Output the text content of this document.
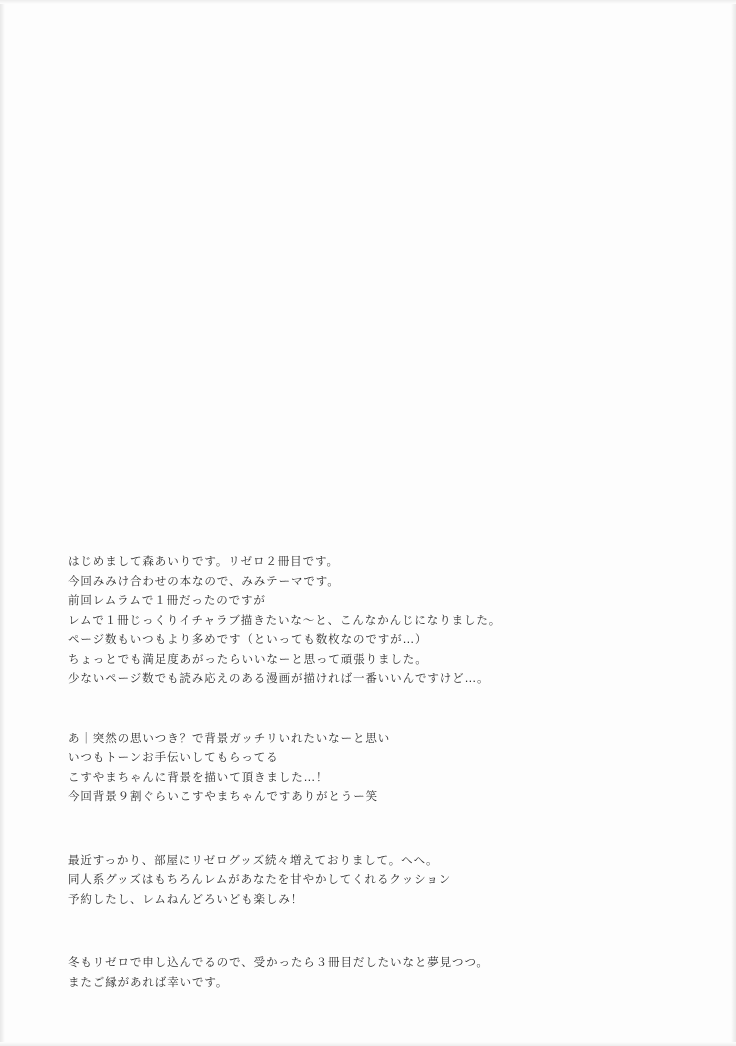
はじめまして森あいりです。リゼロ２冊目です。
今回みみけ合わせの本なので、みみテーマです。
前回レムラムで１冊だったのですが
レムで１冊じっくりイチャラブ描きたいな～と、こんなかんじになりました。
ページ数もいつもより多めです（といっても数枚なのですが…）
ちょっとでも満足度あがったらいいなーと思って頑張りました。
少ないページ数でも読み応えのある漫画が描ければ一番いいんですけど…。
あ｜突然の思いつき？で背景ガッチリいれたいなーと思い
いつもトーンお手伝いしてもらってる
こすやまちゃんに背景を描いて頂きました…！
今回背景９割ぐらいこすやまちゃんですありがとうー笑
最近すっかり、部屋にリゼログッズ続々増えておりまして。へへ。
同人系グッズはもちろんレムがあなたを甘やかしてくれるクッション
予約したし、レムねんどろいども楽しみ！
冬もリゼロで申し込んでるので、受かったら３冊目だしたいなと夢見つつ。
またご縁があれば幸いです。
